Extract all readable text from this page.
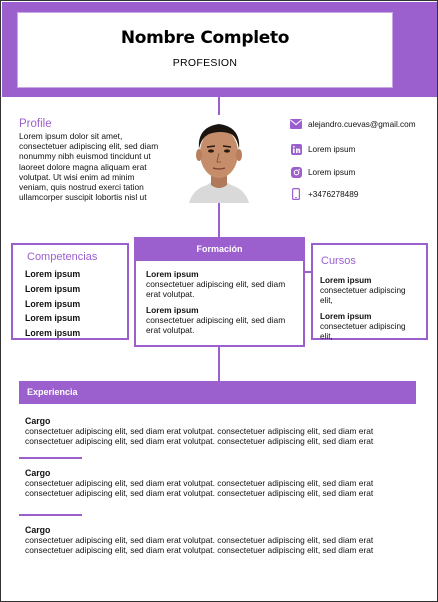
Nombre Completo
PROFESION
Profile
Lorem ipsum dolor sit amet,
consectetuer adipiscing elit, sed diam
nonummy nibh euismod tincidunt ut
laoreet dolore magna aliquam erat
volutpat. Ut wisi enim ad minim
veniam, quis nostrud exerci tation
ullamcorper suscipit lobortis nisl ut
alejandro.cuevas@gmail.com
Lorem ipsum
Lorem ipsum
+3476278489
Competencias
Lorem ipsum
Lorem ipsum
Lorem ipsum
Lorem ipsum
Lorem ipsum
Formación
Lorem ipsum
consectetuer adipiscing elit, sed diam
erat volutpat.
Lorem ipsum
consectetuer adipiscing elit, sed diam
erat volutpat.
Cursos
Lorem ipsum
consectetuer adipiscing elit,
Lorem ipsum
consectetuer adipiscing elit,
Experiencia
Cargo
consectetuer adipiscing elit, sed diam erat volutpat. consectetuer adipiscing elit, sed diam erat
consectetuer adipiscing elit, sed diam erat volutpat. consectetuer adipiscing elit, sed diam erat
Cargo
consectetuer adipiscing elit, sed diam erat volutpat. consectetuer adipiscing elit, sed diam erat
consectetuer adipiscing elit, sed diam erat volutpat. consectetuer adipiscing elit, sed diam erat
Cargo
consectetuer adipiscing elit, sed diam erat volutpat. consectetuer adipiscing elit, sed diam erat
consectetuer adipiscing elit, sed diam erat volutpat. consectetuer adipiscing elit, sed diam erat
